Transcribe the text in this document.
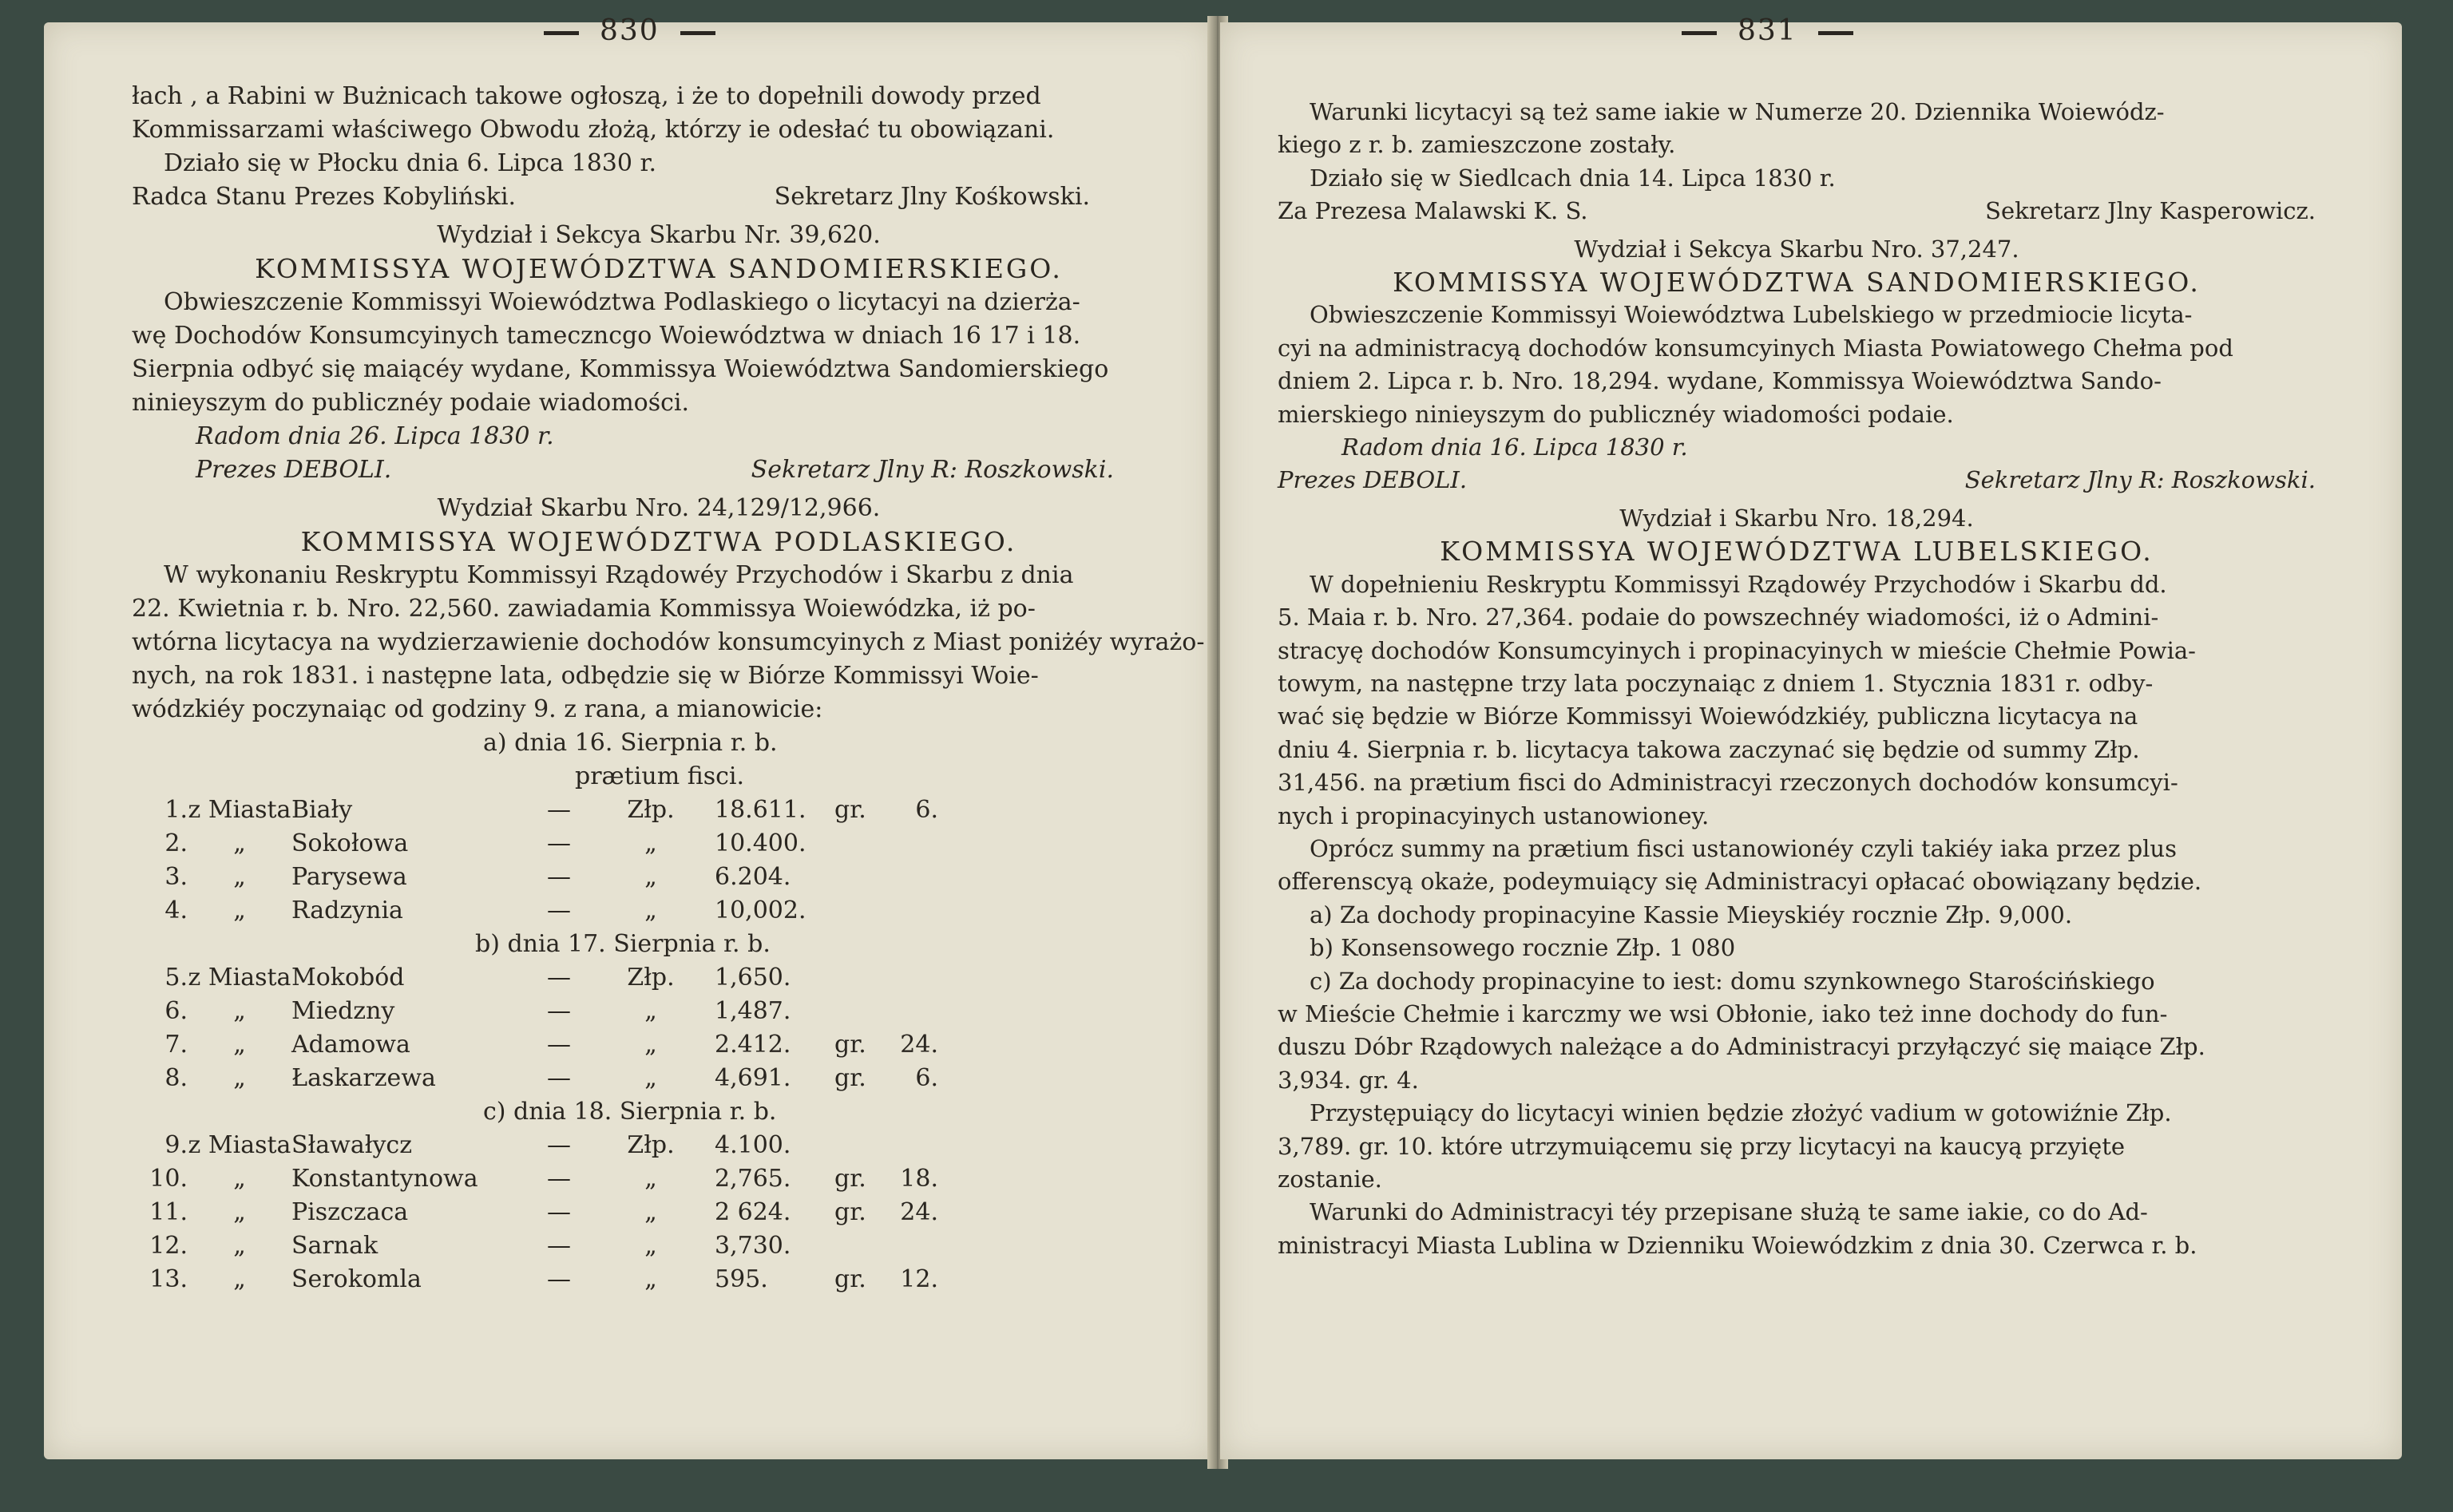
830

łach , a Rabini w Bużnicach takowe ogłoszą, i że to dopełnili dowody przed

Kommissarzami właściwego Obwodu złożą, którzy ie odesłać tu obowiązani.

Działo się w Płocku dnia 6. Lipca 1830 r.

Radca Stanu Prezes Kobyliński.	Sekretarz Jlny Kośkowski.

Wydział i Sekcya Skarbu Nr. 39,620.

KOMMISSYA WOJEWÓDZTWA SANDOMIERSKIEGO.

Obwieszczenie Kommissyi Woiewództwa Podlaskiego o licytacyi na dzierża-

wę Dochodów Konsumcyinych tameczncgo Woiewództwa w dniach 16 17 i 18.

Sierpnia odbyć się maiącéy wydane, Kommissya Woiewództwa Sandomierskiego

ninieyszym do publicznéy podaie wiadomości.

Radom dnia 26. Lipca 1830 r.

Prezes DEBOLI.	Sekretarz Jlny R: Roszkowski.

Wydział Skarbu Nro. 24,129/12,966.

KOMMISSYA WOJEWÓDZTWA PODLASKIEGO.

W wykonaniu Reskryptu Kommissyi Rządowéy Przychodów i Skarbu z dnia

22. Kwietnia r. b. Nro. 22,560. zawiadamia Kommissya Woiewódzka, iż po-

wtórna licytacya na wydzierzawienie dochodów konsumcyinych z Miast poniżéy wyrażo-

nych, na rok 1831. i następne lata, odbędzie się w Biórze Kommissyi Woie-

wódzkiéy poczynaiąc od godziny 9. z rana, a mianowicie:

a) dnia 16. Sierpnia r. b.

prætium fisci.

1. z Miasta Biały	—	Złp.	18.611.	gr.	6.
2.	„	Sokołowa	—	„	10.400.
3.	„	Parysewa	—	„	6.204.
4.	„	Radzynia	—	„	10,002.

b) dnia 17. Sierpnia r. b.

5. z Miasta Mokobód	—	Złp.	1,650.
6.	„	Miedzny	—	„	1,487.
7.	„	Adamowa	—	„	2.412.	gr.	24.
8.	„	Łaskarzewa	—	„	4,691.	gr.	6.

c) dnia 18. Sierpnia r. b.

9. z Miasta Sławałycz	—	Złp.	4.100.
10.	„	Konstantynowa	—	„	2,765.	gr.	18.
11.	„	Piszczaca	—	„	2 624.	gr.	24.
12.	„	Sarnak	—	„	3,730.
13.	„	Serokomla	—	„	595.	gr.	12.
831

Warunki licytacyi są też same iakie w Numerze 20. Dziennika Woiewódz-

kiego z r. b. zamieszczone zostały.

Działo się w Siedlcach dnia 14. Lipca 1830 r.

Za Prezesa Malawski K. S.	Sekretarz Jlny Kasperowicz.

Wydział i Sekcya Skarbu Nro. 37,247.

KOMMISSYA WOJEWÓDZTWA SANDOMIERSKIEGO.

Obwieszczenie Kommissyi Woiewództwa Lubelskiego w przedmiocie licyta-

cyi na administracyą dochodów konsumcyinych Miasta Powiatowego Chełma pod

dniem 2. Lipca r. b. Nro. 18,294. wydane, Kommissya Woiewództwa Sando-

mierskiego ninieyszym do publicznéy wiadomości podaie.

Radom dnia 16. Lipca 1830 r.

Prezes DEBOLI.	Sekretarz Jlny R: Roszkowski.

Wydział i Skarbu Nro. 18,294.

KOMMISSYA WOJEWÓDZTWA LUBELSKIEGO.

W dopełnieniu Reskryptu Kommissyi Rządowéy Przychodów i Skarbu dd.

5. Maia r. b. Nro. 27,364. podaie do powszechnéy wiadomości, iż o Admini-

stracyę dochodów Konsumcyinych i propinacyinych w mieście Chełmie Powia-

towym, na następne trzy lata poczynaiąc z dniem 1. Stycznia 1831 r. odby-

wać się będzie w Biórze Kommissyi Woiewódzkiéy, publiczna licytacya na

dniu 4. Sierpnia r. b. licytacya takowa zaczynać się będzie od summy Złp.

31,456. na prætium fisci do Administracyi rzeczonych dochodów konsumcyi-

nych i propinacyinych ustanowioney.

Oprócz summy na prætium fisci ustanowionéy czyli takiéy iaka przez plus

offerenscyą okaże, podeymuiący się Administracyi opłacać obowiązany będzie.

a) Za dochody propinacyine Kassie Mieyskiéy rocznie Złp. 9,000.

b) Konsensowego rocznie Złp. 1 080

c) Za dochody propinacyine to iest: domu szynkownego Starościńskiego

w Mieście Chełmie i karczmy we wsi Obłonie, iako też inne dochody do fun-

duszu Dóbr Rządowych należące a do Administracyi przyłączyć się maiące Złp.

3,934. gr. 4.

Przystępuiący do licytacyi winien będzie złożyć vadium w gotowiźnie Złp.

3,789. gr. 10. które utrzymuiącemu się przy licytacyi na kaucyą przyięte

zostanie.

Warunki do Administracyi téy przepisane służą te same iakie, co do Ad-

ministracyi Miasta Lublina w Dzienniku Woiewódzkim z dnia 30. Czerwca r. b.
